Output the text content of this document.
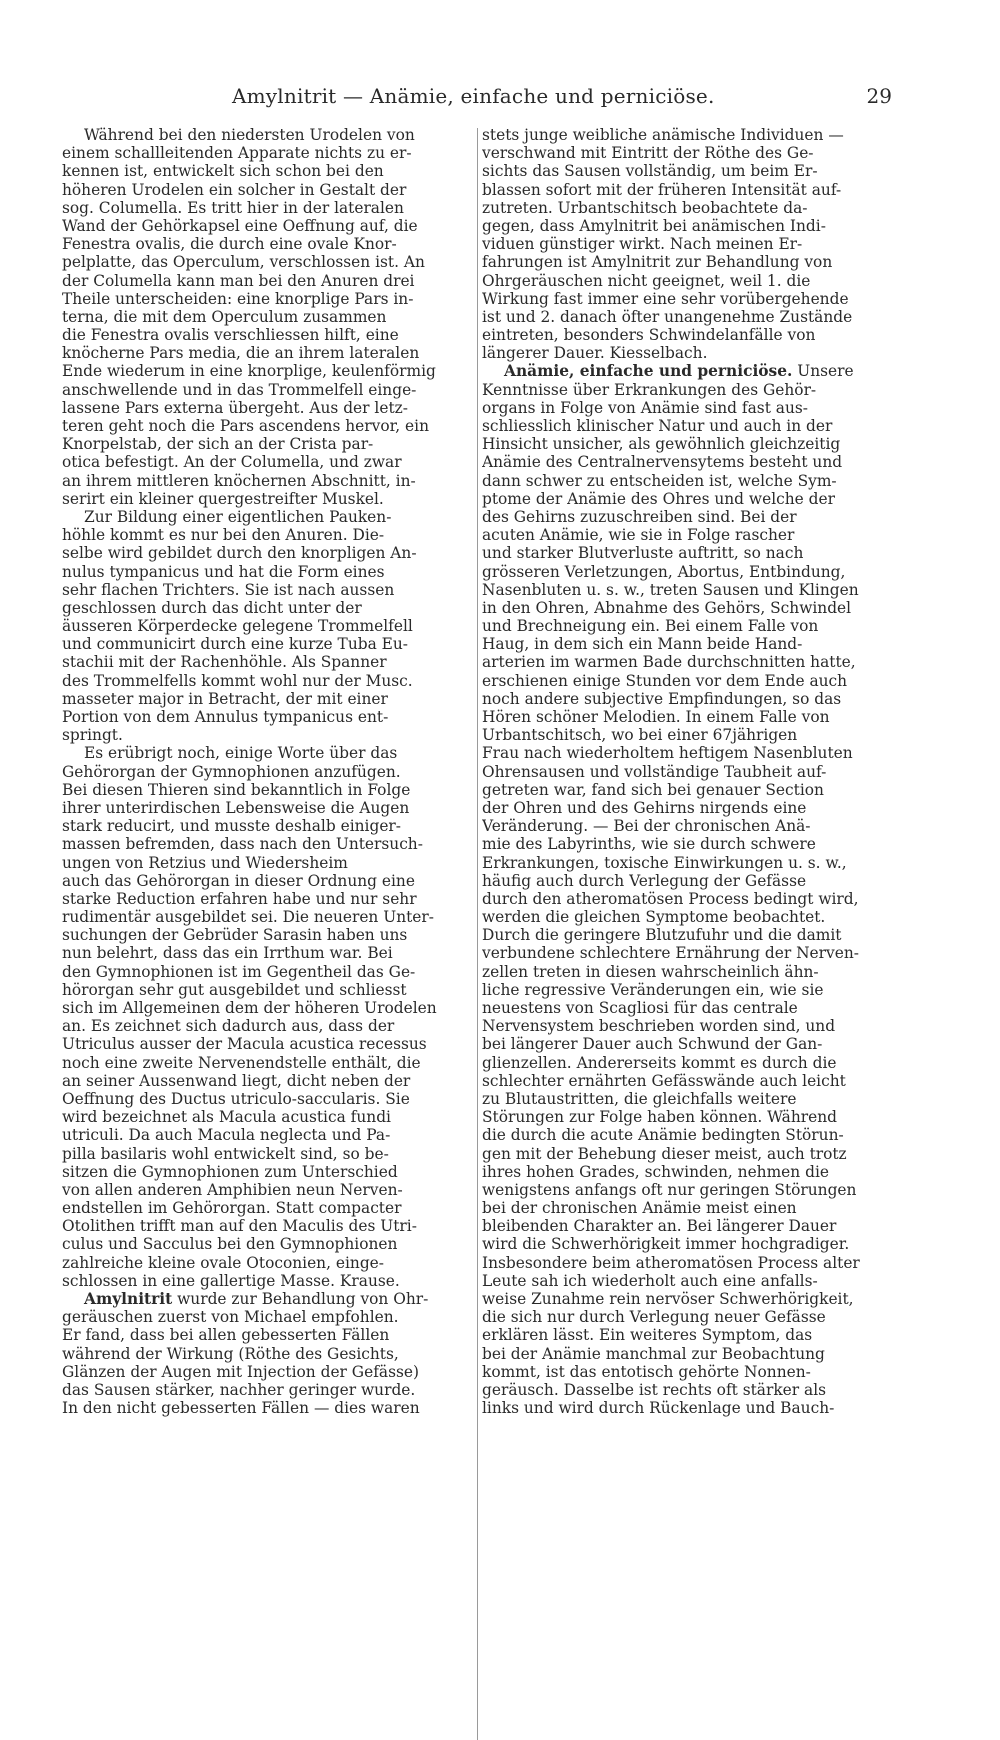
Amylnitrit — Anämie, einfache und perniciöse.	29
Während bei den niedersten Urodelen von
einem schallleitenden Apparate nichts zu er-
kennen ist, entwickelt sich schon bei den
höheren Urodelen ein solcher in Gestalt der
sog. Columella. Es tritt hier in der lateralen
Wand der Gehörkapsel eine Oeffnung auf, die
Fenestra ovalis, die durch eine ovale Knor-
pelplatte, das Operculum, verschlossen ist. An
der Columella kann man bei den Anuren drei
Theile unterscheiden: eine knorplige Pars in-
terna, die mit dem Operculum zusammen
die Fenestra ovalis verschliessen hilft, eine
knöcherne Pars media, die an ihrem lateralen
Ende wiederum in eine knorplige, keulenförmig
anschwellende und in das Trommelfell einge-
lassene Pars externa übergeht. Aus der letz-
teren geht noch die Pars ascendens hervor, ein
Knorpelstab, der sich an der Crista par-
otica befestigt. An der Columella, und zwar
an ihrem mittleren knöchernen Abschnitt, in-
serirt ein kleiner quergestreifter Muskel.
Zur Bildung einer eigentlichen Pauken-
höhle kommt es nur bei den Anuren. Die-
selbe wird gebildet durch den knorpligen An-
nulus tympanicus und hat die Form eines
sehr flachen Trichters. Sie ist nach aussen
geschlossen durch das dicht unter der
äusseren Körperdecke gelegene Trommelfell
und communicirt durch eine kurze Tuba Eu-
stachii mit der Rachenhöhle. Als Spanner
des Trommelfells kommt wohl nur der Musc.
masseter major in Betracht, der mit einer
Portion von dem Annulus tympanicus ent-
springt.
Es erübrigt noch, einige Worte über das
Gehörorgan der Gymnophionen anzufügen.
Bei diesen Thieren sind bekanntlich in Folge
ihrer unterirdischen Lebensweise die Augen
stark reducirt, und musste deshalb einiger-
massen befremden, dass nach den Untersuch-
ungen von Retzius und Wiedersheim
auch das Gehörorgan in dieser Ordnung eine
starke Reduction erfahren habe und nur sehr
rudimentär ausgebildet sei. Die neueren Unter-
suchungen der Gebrüder Sarasin haben uns
nun belehrt, dass das ein Irrthum war. Bei
den Gymnophionen ist im Gegentheil das Ge-
hörorgan sehr gut ausgebildet und schliesst
sich im Allgemeinen dem der höheren Urodelen
an. Es zeichnet sich dadurch aus, dass der
Utriculus ausser der Macula acustica recessus
noch eine zweite Nervenendstelle enthält, die
an seiner Aussenwand liegt, dicht neben der
Oeffnung des Ductus utriculo-saccularis. Sie
wird bezeichnet als Macula acustica fundi
utriculi. Da auch Macula neglecta und Pa-
pilla basilaris wohl entwickelt sind, so be-
sitzen die Gymnophionen zum Unterschied
von allen anderen Amphibien neun Nerven-
endstellen im Gehörorgan. Statt compacter
Otolithen trifft man auf den Maculis des Utri-
culus und Sacculus bei den Gymnophionen
zahlreiche kleine ovale Otoconien, einge-
schlossen in eine gallertige Masse. Krause.
Amylnitrit wurde zur Behandlung von Ohr-
geräuschen zuerst von Michael empfohlen.
Er fand, dass bei allen gebesserten Fällen
während der Wirkung (Röthe des Gesichts,
Glänzen der Augen mit Injection der Gefässe)
das Sausen stärker, nachher geringer wurde.
In den nicht gebesserten Fällen — dies waren
stets junge weibliche anämische Individuen —
verschwand mit Eintritt der Röthe des Ge-
sichts das Sausen vollständig, um beim Er-
blassen sofort mit der früheren Intensität auf-
zutreten. Urbantschitsch beobachtete da-
gegen, dass Amylnitrit bei anämischen Indi-
viduen günstiger wirkt. Nach meinen Er-
fahrungen ist Amylnitrit zur Behandlung von
Ohrgeräuschen nicht geeignet, weil 1. die
Wirkung fast immer eine sehr vorübergehende
ist und 2. danach öfter unangenehme Zustände
eintreten, besonders Schwindelanfälle von
längerer Dauer. Kiesselbach.
Anämie, einfache und perniciöse. Unsere
Kenntnisse über Erkrankungen des Gehör-
organs in Folge von Anämie sind fast aus-
schliesslich klinischer Natur und auch in der
Hinsicht unsicher, als gewöhnlich gleichzeitig
Anämie des Centralnervensytems besteht und
dann schwer zu entscheiden ist, welche Sym-
ptome der Anämie des Ohres und welche der
des Gehirns zuzuschreiben sind. Bei der
acuten Anämie, wie sie in Folge rascher
und starker Blutverluste auftritt, so nach
grösseren Verletzungen, Abortus, Entbindung,
Nasenbluten u. s. w., treten Sausen und Klingen
in den Ohren, Abnahme des Gehörs, Schwindel
und Brechneigung ein. Bei einem Falle von
Haug, in dem sich ein Mann beide Hand-
arterien im warmen Bade durchschnitten hatte,
erschienen einige Stunden vor dem Ende auch
noch andere subjective Empfindungen, so das
Hören schöner Melodien. In einem Falle von
Urbantschitsch, wo bei einer 67jährigen
Frau nach wiederholtem heftigem Nasenbluten
Ohrensausen und vollständige Taubheit auf-
getreten war, fand sich bei genauer Section
der Ohren und des Gehirns nirgends eine
Veränderung. — Bei der chronischen Anä-
mie des Labyrinths, wie sie durch schwere
Erkrankungen, toxische Einwirkungen u. s. w.,
häufig auch durch Verlegung der Gefässe
durch den atheromatösen Process bedingt wird,
werden die gleichen Symptome beobachtet.
Durch die geringere Blutzufuhr und die damit
verbundene schlechtere Ernährung der Nerven-
zellen treten in diesen wahrscheinlich ähn-
liche regressive Veränderungen ein, wie sie
neuestens von Scagliosi für das centrale
Nervensystem beschrieben worden sind, und
bei längerer Dauer auch Schwund der Gan-
glienzellen. Andererseits kommt es durch die
schlechter ernährten Gefässwände auch leicht
zu Blutaustritten, die gleichfalls weitere
Störungen zur Folge haben können. Während
die durch die acute Anämie bedingten Störun-
gen mit der Behebung dieser meist, auch trotz
ihres hohen Grades, schwinden, nehmen die
wenigstens anfangs oft nur geringen Störungen
bei der chronischen Anämie meist einen
bleibenden Charakter an. Bei längerer Dauer
wird die Schwerhörigkeit immer hochgradiger.
Insbesondere beim atheromatösen Process alter
Leute sah ich wiederholt auch eine anfalls-
weise Zunahme rein nervöser Schwerhörigkeit,
die sich nur durch Verlegung neuer Gefässe
erklären lässt. Ein weiteres Symptom, das
bei der Anämie manchmal zur Beobachtung
kommt, ist das entotisch gehörte Nonnen-
geräusch. Dasselbe ist rechts oft stärker als
links und wird durch Rückenlage und Bauch-
